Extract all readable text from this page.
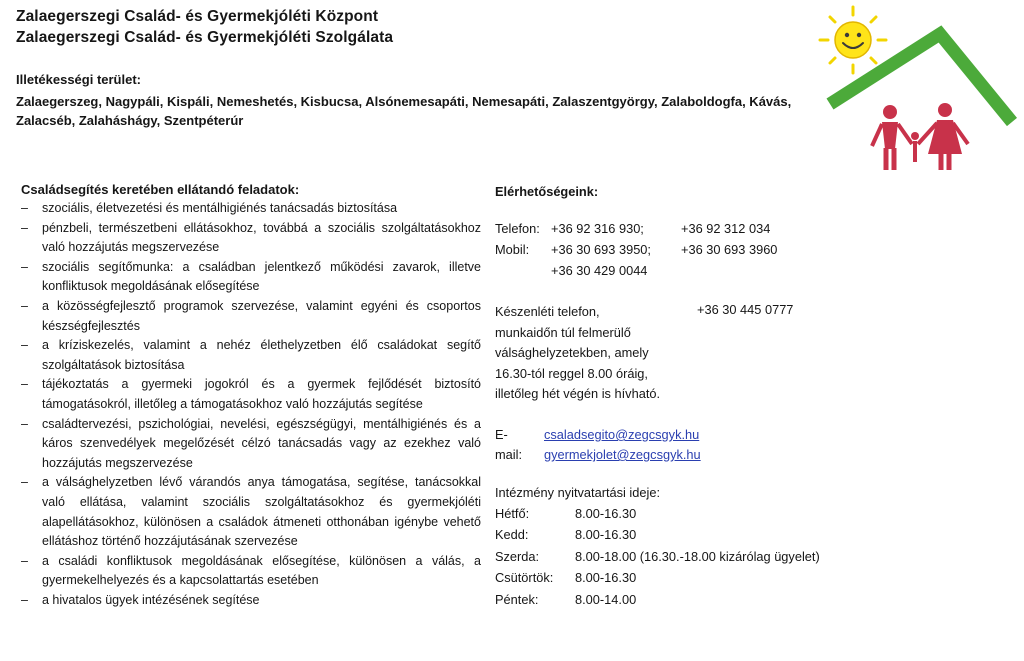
Zalaegerszegi Család- és Gyermekjóléti Központ
Zalaegerszegi Család- és Gyermekjóléti Szolgálata
Illetékességi terület:
Zalaegerszeg, Nagypáli, Kispáli, Nemeshetés, Kisbucsa, Alsónemesapáti, Nemesapáti, Zalaszentgyörgy, Zalaboldogfa, Kávás, Zalacséb, Zalaháshágy, Szentpéterúr
Családsegítés keretében ellátandó feladatok:
– szociális, életvezetési és mentálhigiénés tanácsadás biztosítása
– pénzbeli, természetbeni ellátásokhoz, továbbá a szociális szolgáltatásokhoz való hozzájutás megszervezése
– szociális segítőmunka: a családban jelentkező működési zavarok, illetve konfliktusok megoldásának elősegítése
– a közösségfejlesztő programok szervezése, valamint egyéni és csoportos készségfejlesztés
– a kríziskezelés, valamint a nehéz élethelyzetben élő családokat segítő szolgáltatások biztosítása
– tájékoztatás a gyermeki jogokról és a gyermek fejlődését biztosító támogatásokról, illetőleg a támogatásokhoz való hozzájutás segítése
– családtervezési, pszichológiai, nevelési, egészségügyi, mentálhigiénés és a káros szenvedélyek megelőzését célzó tanácsadás vagy az ezekhez való hozzájutás megszervezése
– a válsághelyzetben lévő várandós anya támogatása, segítése, tanácsokkal való ellátása, valamint szociális szolgáltatásokhoz és gyermekjóléti alapellátásokhoz, különösen a családok átmeneti otthonában igénybe vehető ellátáshoz történő hozzájutásának szervezése
– a családi konfliktusok megoldásának elősegítése, különösen a válás, a gyermekelhelyezés és a kapcsolattartás esetében
– a hivatalos ügyek intézésének segítése
Elérhetőségeink:
Telefon: +36 92 316 930;	+36 92 312 034
Mobil: +36 30 693 3950; +36 30 693 3960
+36 30 429 0044
Készenléti telefon,
munkaidőn túl felmerülő
válsághelyzetekben, amely
16.30-tól reggel 8.00 óráig,
illetőleg hét végén is hívható.
+36 30 445 0777
E-mail:
csaladsegito@zegcsgyk.hu
gyermekjolet@zegcsgyk.hu
Intézmény nyitvatartási ideje:
Hétfő:	8.00-16.30
Kedd:	8.00-16.30
Szerda:	8.00-18.00 (16.30.-18.00 kizárólag ügyelet)
Csütörtök: 8.00-16.30
Péntek:	8.00-14.00
